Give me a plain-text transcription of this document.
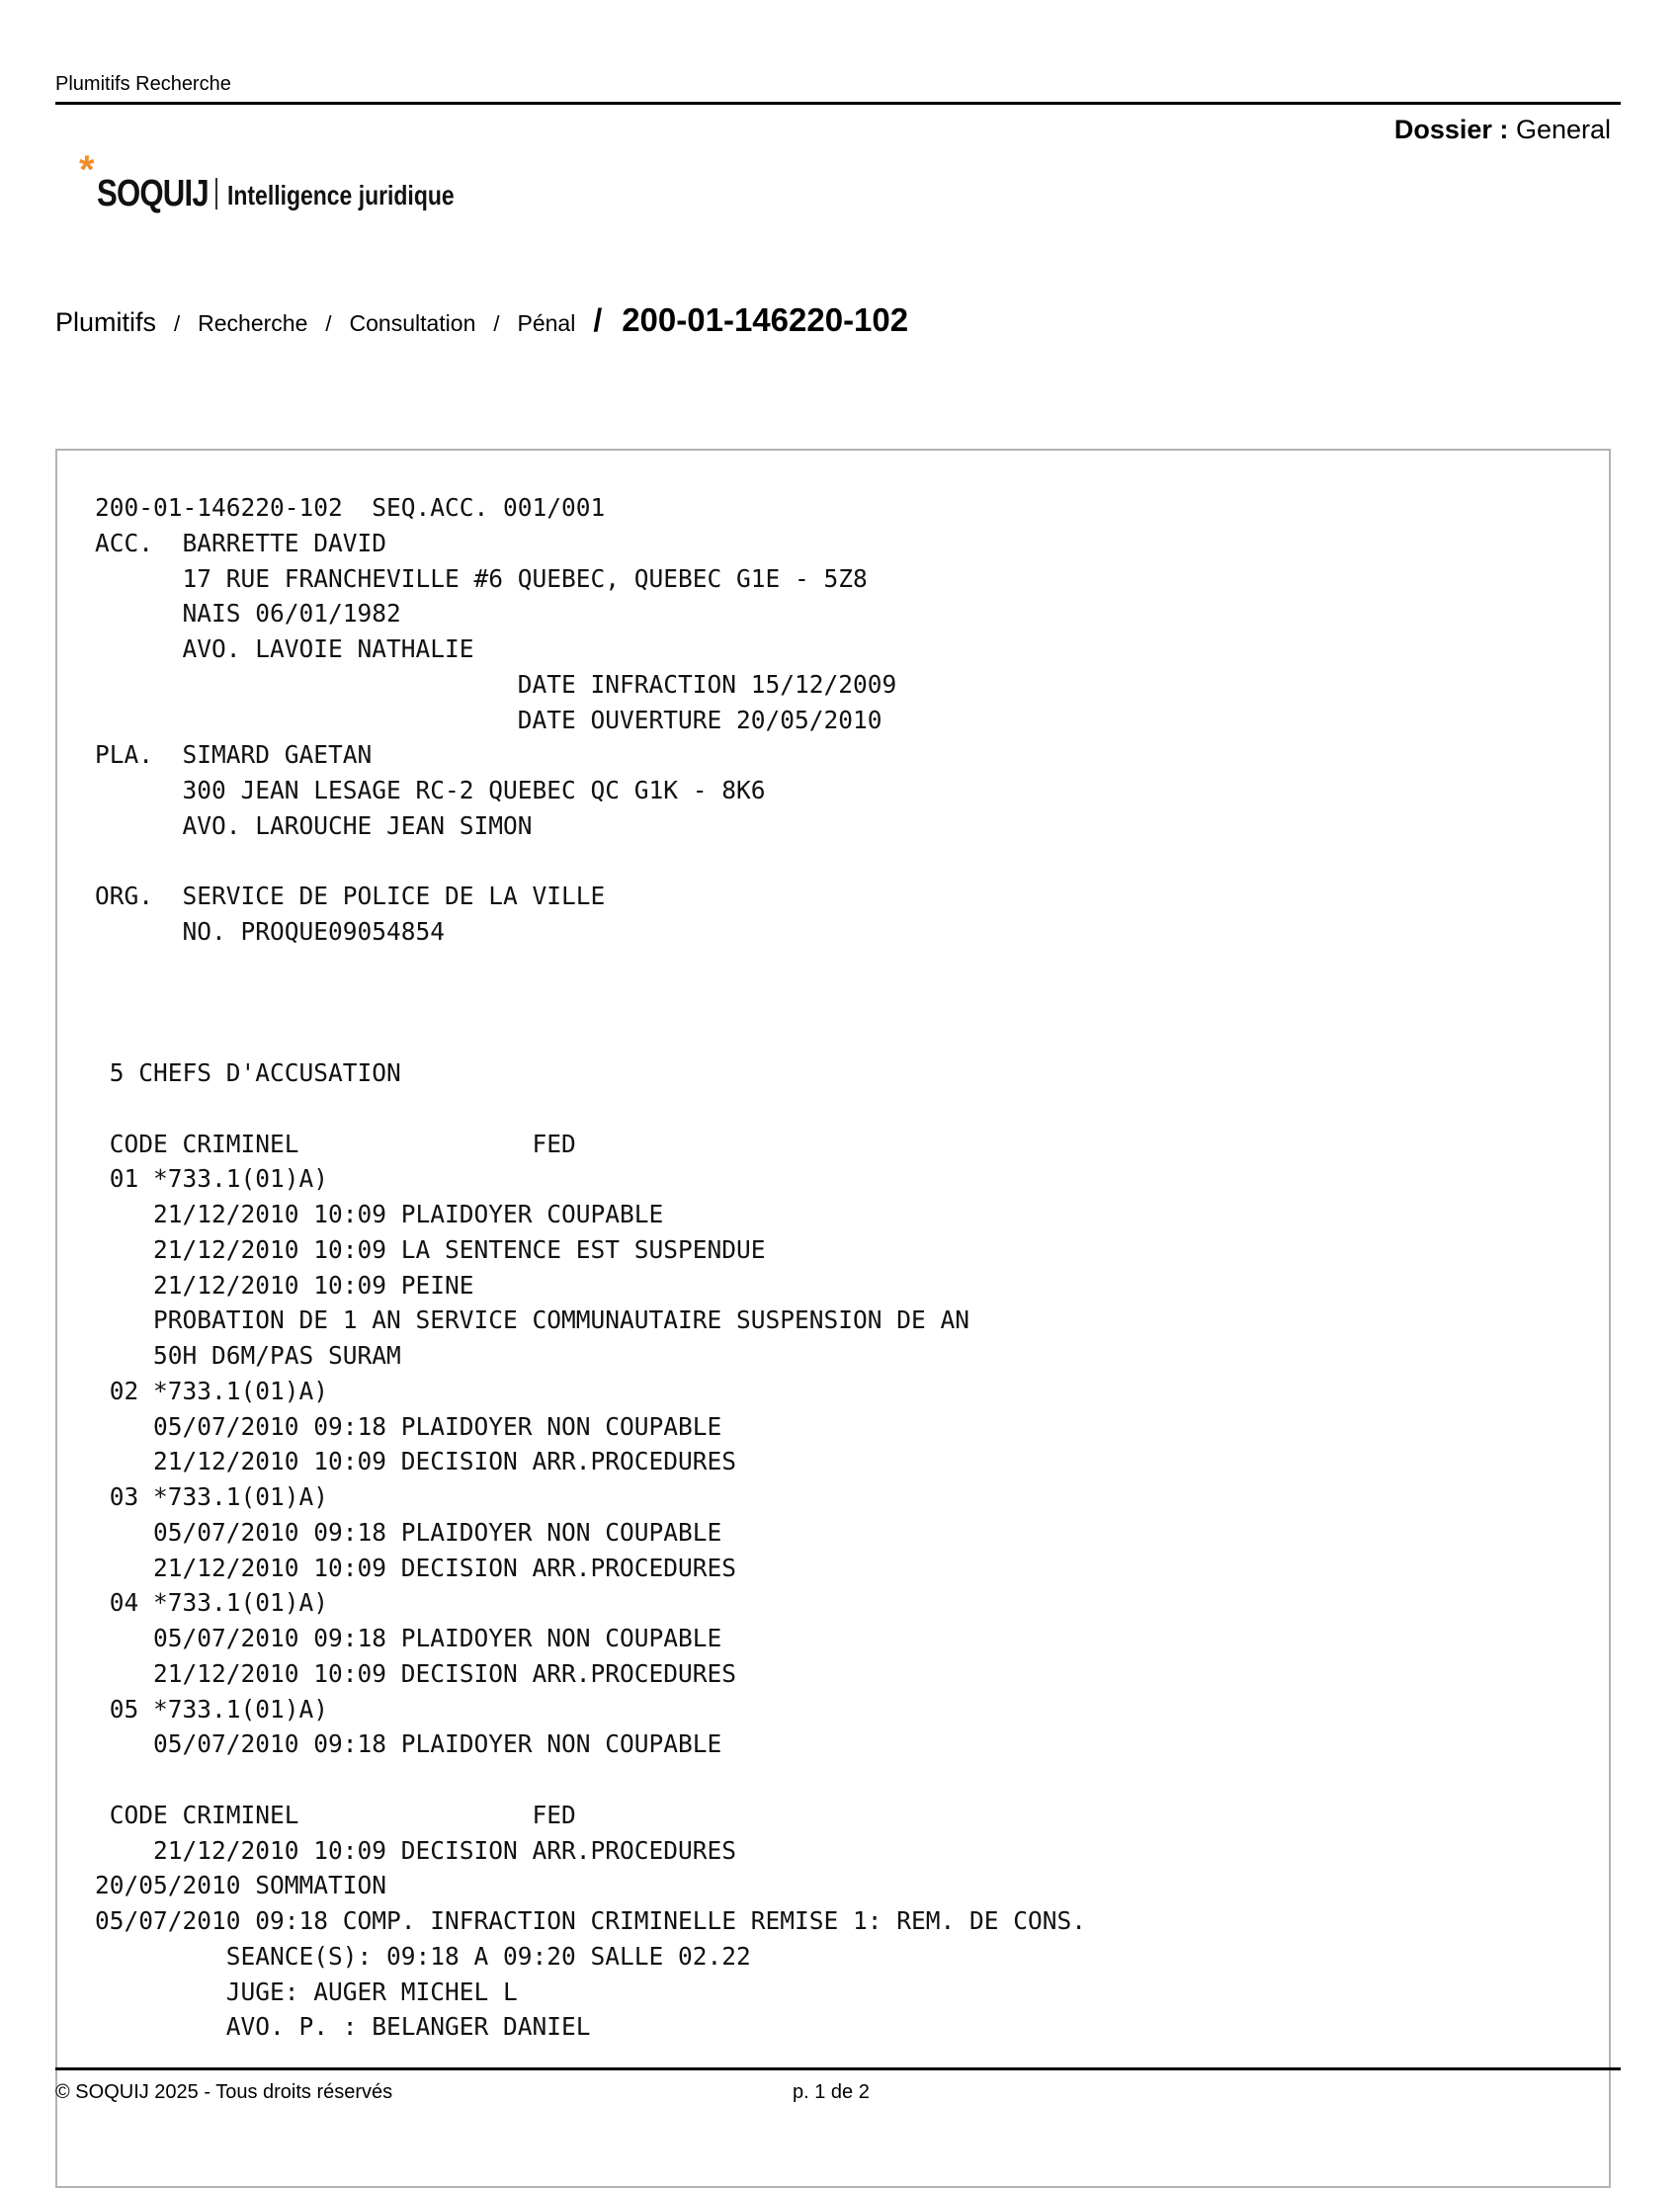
Plumitifs Recherche
Dossier : General
*
SOQUIJ Intelligence juridique
Plumitifs / Recherche / Consultation / Pénal / 200-01-146220-102
200-01-146220-102  SEQ.ACC. 001/001
ACC.  BARRETTE DAVID
17 RUE FRANCHEVILLE #6 QUEBEC, QUEBEC G1E - 5Z8
NAIS 06/01/1982
AVO. LAVOIE NATHALIE
DATE INFRACTION 15/12/2009
DATE OUVERTURE 20/05/2010
PLA.  SIMARD GAETAN
300 JEAN LESAGE RC-2 QUEBEC QC G1K - 8K6
AVO. LAROUCHE JEAN SIMON

ORG.  SERVICE DE POLICE DE LA VILLE
NO. PROQUE09054854

5 CHEFS D'ACCUSATION

CODE CRIMINEL                FED
01 *733.1(01)A)
21/12/2010 10:09 PLAIDOYER COUPABLE
21/12/2010 10:09 LA SENTENCE EST SUSPENDUE
21/12/2010 10:09 PEINE
PROBATION DE 1 AN SERVICE COMMUNAUTAIRE SUSPENSION DE AN
50H D6M/PAS SURAM
02 *733.1(01)A)
05/07/2010 09:18 PLAIDOYER NON COUPABLE
21/12/2010 10:09 DECISION ARR.PROCEDURES
03 *733.1(01)A)
05/07/2010 09:18 PLAIDOYER NON COUPABLE
21/12/2010 10:09 DECISION ARR.PROCEDURES
04 *733.1(01)A)
05/07/2010 09:18 PLAIDOYER NON COUPABLE
21/12/2010 10:09 DECISION ARR.PROCEDURES
05 *733.1(01)A)
05/07/2010 09:18 PLAIDOYER NON COUPABLE

CODE CRIMINEL                FED
21/12/2010 10:09 DECISION ARR.PROCEDURES
20/05/2010 SOMMATION
05/07/2010 09:18 COMP. INFRACTION CRIMINELLE REMISE 1: REM. DE CONS.
SEANCE(S): 09:18 A 09:20 SALLE 02.22
JUGE: AUGER MICHEL L
AVO. P. : BELANGER DANIEL
© SOQUIJ 2025 - Tous droits réservés	p. 1 de 2
